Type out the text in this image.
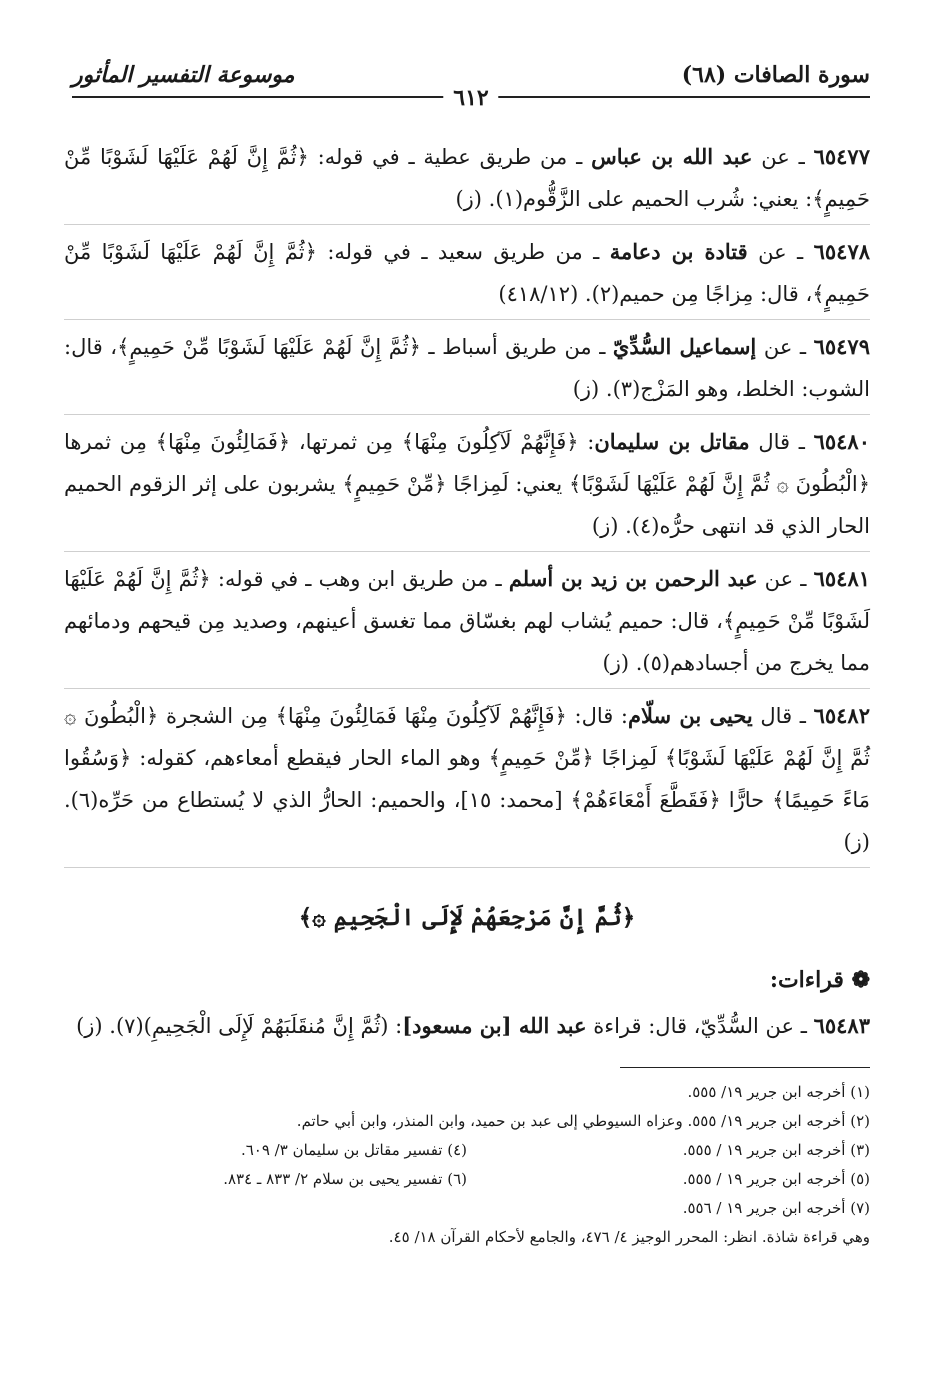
سورة الصافات (٦٨)
موسوعة التفسير المأثور
٦١٢
٦٥٤٧٧ ـ عن عبد الله بن عباس ـ من طريق عطية ـ في قوله: ﴿ثُمَّ إِنَّ لَهُمْ عَلَيْهَا لَشَوْبًا مِّنْ حَمِيمٍ﴾: يعني: شُرب الحميم على الزَّقُّوم(١). (ز)
٦٥٤٧٨ ـ عن قتادة بن دعامة ـ من طريق سعيد ـ في قوله: ﴿ثُمَّ إِنَّ لَهُمْ عَلَيْهَا لَشَوْبًا مِّنْ حَمِيمٍ﴾، قال: مِزاجًا مِن حميم(٢). (٤١٨/١٢)
٦٥٤٧٩ ـ عن إسماعيل السُّدِّيّ ـ من طريق أسباط ـ ﴿ثُمَّ إِنَّ لَهُمْ عَلَيْهَا لَشَوْبًا مِّنْ حَمِيمٍ﴾، قال: الشوب: الخلط، وهو المَزْج(٣). (ز)
٦٥٤٨٠ ـ قال مقاتل بن سليمان: ﴿فَإِنَّهُمْ لَآكِلُونَ مِنْهَا﴾ مِن ثمرتها، ﴿فَمَالِئُونَ مِنْهَا﴾ مِن ثمرها ﴿الْبُطُونَ ۞ ثُمَّ إِنَّ لَهُمْ عَلَيْهَا لَشَوْبًا﴾ يعني: لَمِزاجًا ﴿مِّنْ حَمِيمٍ﴾ يشربون على إثر الزقوم الحميم الحار الذي قد انتهى حرُّه(٤). (ز)
٦٥٤٨١ ـ عن عبد الرحمن بن زيد بن أسلم ـ من طريق ابن وهب ـ في قوله: ﴿ثُمَّ إِنَّ لَهُمْ عَلَيْهَا لَشَوْبًا مِّنْ حَمِيمٍ﴾، قال: حميم يُشاب لهم بغسّاق مما تغسق أعينهم، وصديد مِن قيحهم ودمائهم مما يخرج من أجسادهم(٥). (ز)
٦٥٤٨٢ ـ قال يحيى بن سلّام: قال: ﴿فَإِنَّهُمْ لَآكِلُونَ مِنْهَا فَمَالِئُونَ مِنْهَا﴾ مِن الشجرة ﴿الْبُطُونَ ۞ ثُمَّ إِنَّ لَهُمْ عَلَيْهَا لَشَوْبًا﴾ لَمِزاجًا ﴿مِّنْ حَمِيمٍ﴾ وهو الماء الحار فيقطع أمعاءهم، كقوله: ﴿وَسُقُوا مَاءً حَمِيمًا﴾ حارًّا ﴿فَقَطَّعَ أَمْعَاءَهُمْ﴾ [محمد: ١٥]، والحميم: الحارُّ الذي لا يُستطاع من حَرِّه(٦). (ز)
﴿ثُمَّ إِنَّ مَرْجِعَهُمْ لَإِلَى الْجَحِيمِ ۞﴾
❁ قراءات:
٦٥٤٨٣ ـ عن السُّدِّيّ، قال: قراءة عبد الله [بن مسعود]: (ثُمَّ إِنَّ مُنقَلَبَهُمْ لَإِلَى الْجَحِيمِ)(٧). (ز)
(١) أخرجه ابن جرير ١٩/ ٥٥٥.
(٢) أخرجه ابن جرير ١٩/ ٥٥٥. وعزاه السيوطي إلى عبد بن حميد، وابن المنذر، وابن أبي حاتم.
(٣) أخرجه ابن جرير ١٩ / ٥٥٥.
(٤) تفسير مقاتل بن سليمان ٣/ ٦٠٩.
(٥) أخرجه ابن جرير ١٩ / ٥٥٥.
(٦) تفسير يحيى بن سلام ٢/ ٨٣٣ ـ ٨٣٤.
(٧) أخرجه ابن جرير ١٩ / ٥٥٦.
وهي قراءة شاذة. انظر: المحرر الوجيز ٤/ ٤٧٦، والجامع لأحكام القرآن ١٨/ ٤٥.
